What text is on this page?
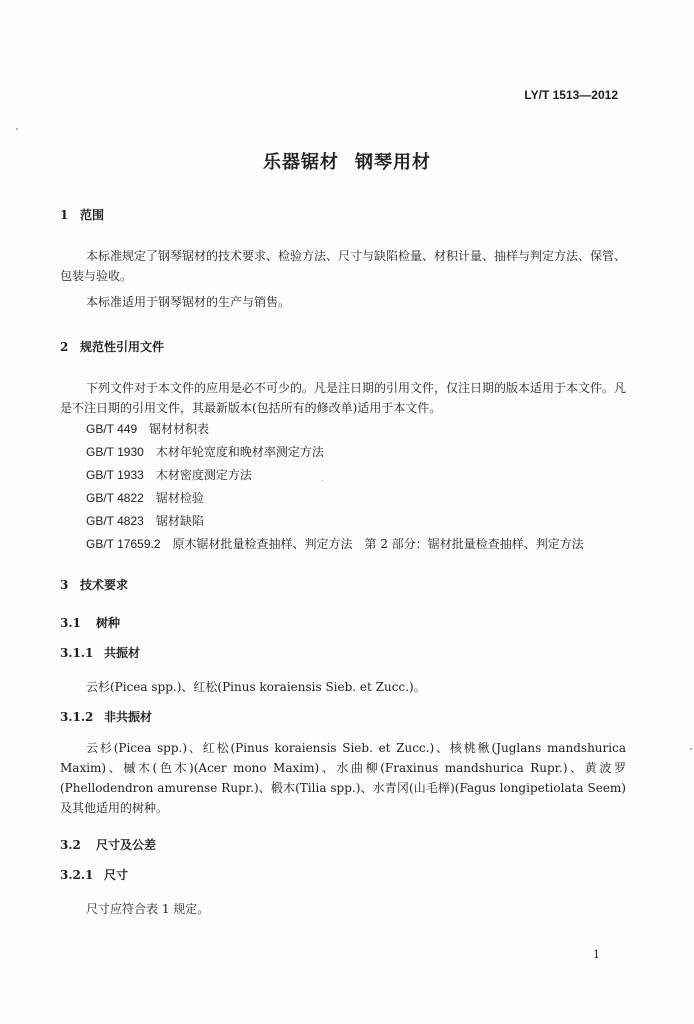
LY/T 1513—2012
乐器锯材 钢琴用材
1 范围
本标准规定了钢琴锯材的技术要求、检验方法、尺寸与缺陷检量、材积计量、抽样与判定方法、保管、包装与验收。
本标准适用于钢琴锯材的生产与销售。
2 规范性引用文件
下列文件对于本文件的应用是必不可少的。凡是注日期的引用文件，仅注日期的版本适用于本文件。凡是不注日期的引用文件，其最新版本(包括所有的修改单)适用于本文件。
GB/T 449 锯材材积表
GB/T 1930 木材年轮宽度和晚材率测定方法
GB/T 1933 木材密度测定方法
GB/T 4822 锯材检验
GB/T 4823 锯材缺陷
GB/T 17659.2 原木锯材批量检查抽样、判定方法　第 2 部分：锯材批量检查抽样、判定方法
3 技术要求
3.1 树种
3.1.1 共振材
云杉(Picea spp.)、红松(Pinus koraiensis Sieb. et Zucc.)。
3.1.2 非共振材
云杉(Picea spp.)、红松(Pinus koraiensis Sieb. et Zucc.)、核桃楸(Juglans mandshurica Maxim)、槭木(色木)(Acer mono Maxim)、水曲柳(Fraxinus mandshurica Rupr.)、黄波罗(Phellodendron amurense Rupr.)、椴木(Tilia spp.)、水青冈(山毛榉)(Fagus longipetiolata Seem)及其他适用的树种。
3.2 尺寸及公差
3.2.1 尺寸
尺寸应符合表 1 规定。
1
